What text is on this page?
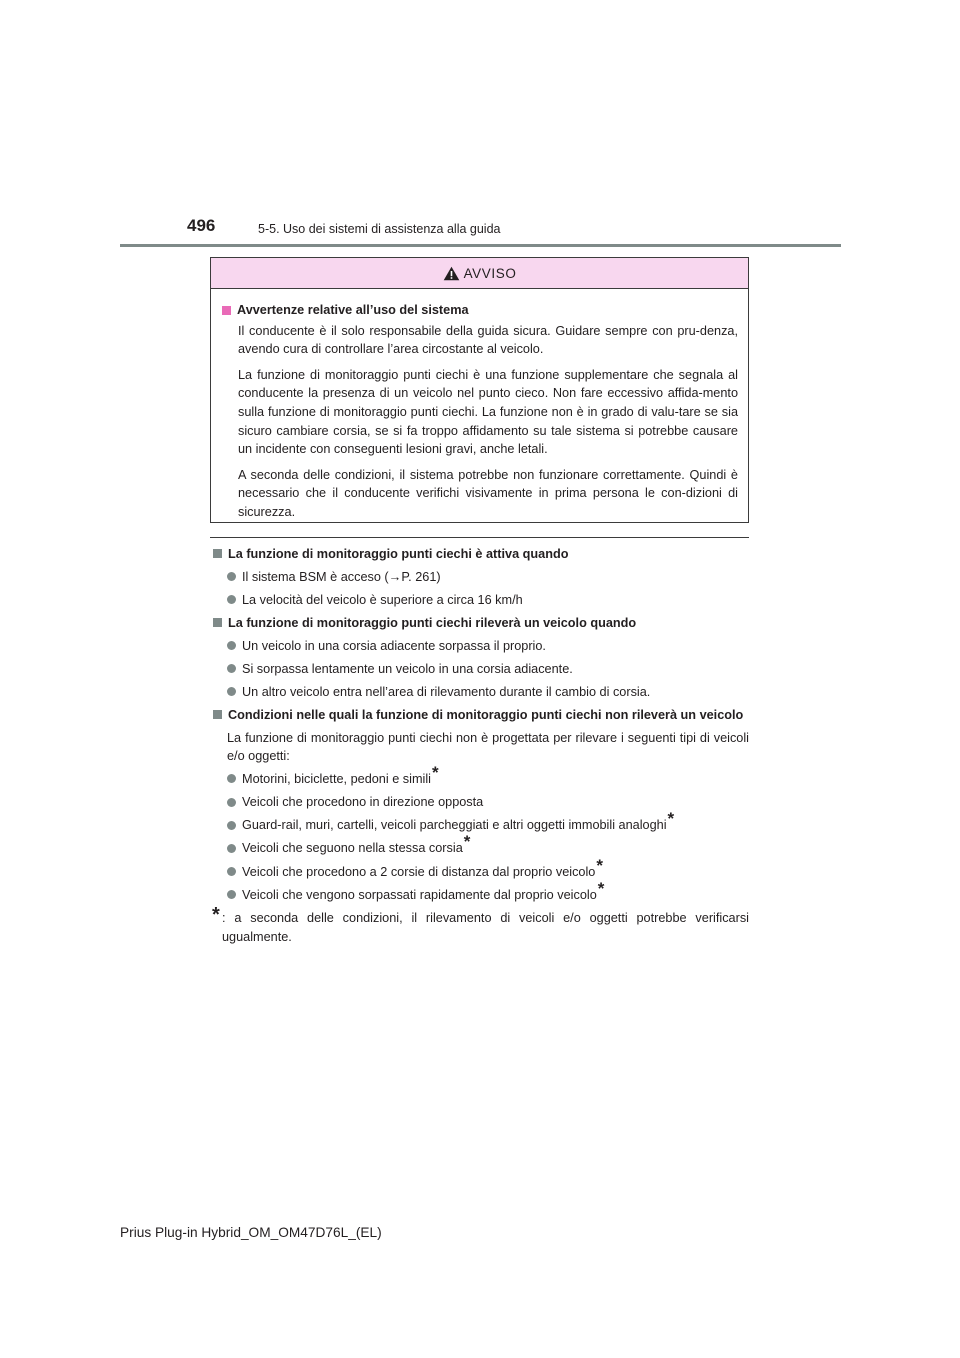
496	5-5. Uso dei sistemi di assistenza alla guida
AVVISO
Avvertenze relative all’uso del sistema

Il conducente è il solo responsabile della guida sicura. Guidare sempre con pru-denza, avendo cura di controllare l’area circostante al veicolo.

La funzione di monitoraggio punti ciechi è una funzione supplementare che segnala al conducente la presenza di un veicolo nel punto cieco. Non fare eccessivo affida-mento sulla funzione di monitoraggio punti ciechi. La funzione non è in grado di valu-tare se sia sicuro cambiare corsia, se si fa troppo affidamento su tale sistema si potrebbe causare un incidente con conseguenti lesioni gravi, anche letali.

A seconda delle condizioni, il sistema potrebbe non funzionare correttamente. Quindi è necessario che il conducente verifichi visivamente in prima persona le con-dizioni di sicurezza.

La funzione di monitoraggio punti ciechi è attiva quando
Il sistema BSM è acceso (→P. 261)
La velocità del veicolo è superiore a circa 16 km/h
La funzione di monitoraggio punti ciechi rileverà un veicolo quando
Un veicolo in una corsia adiacente sorpassa il proprio.
Si sorpassa lentamente un veicolo in una corsia adiacente.
Un altro veicolo entra nell’area di rilevamento durante il cambio di corsia.
Condizioni nelle quali la funzione di monitoraggio punti ciechi non rileverà un veicolo

La funzione di monitoraggio punti ciechi non è progettata per rilevare i seguenti tipi di veicoli e/o oggetti:

Motorini, biciclette, pedoni e simili*
Veicoli che procedono in direzione opposta
Guard-rail, muri, cartelli, veicoli parcheggiati e altri oggetti immobili analoghi*
Veicoli che seguono nella stessa corsia*
Veicoli che procedono a 2 corsie di distanza dal proprio veicolo*
Veicoli che vengono sorpassati rapidamente dal proprio veicolo*
* : a seconda delle condizioni, il rilevamento di veicoli e/o oggetti potrebbe verificarsi ugualmente.
Prius Plug-in Hybrid_OM_OM47D76L_(EL)
